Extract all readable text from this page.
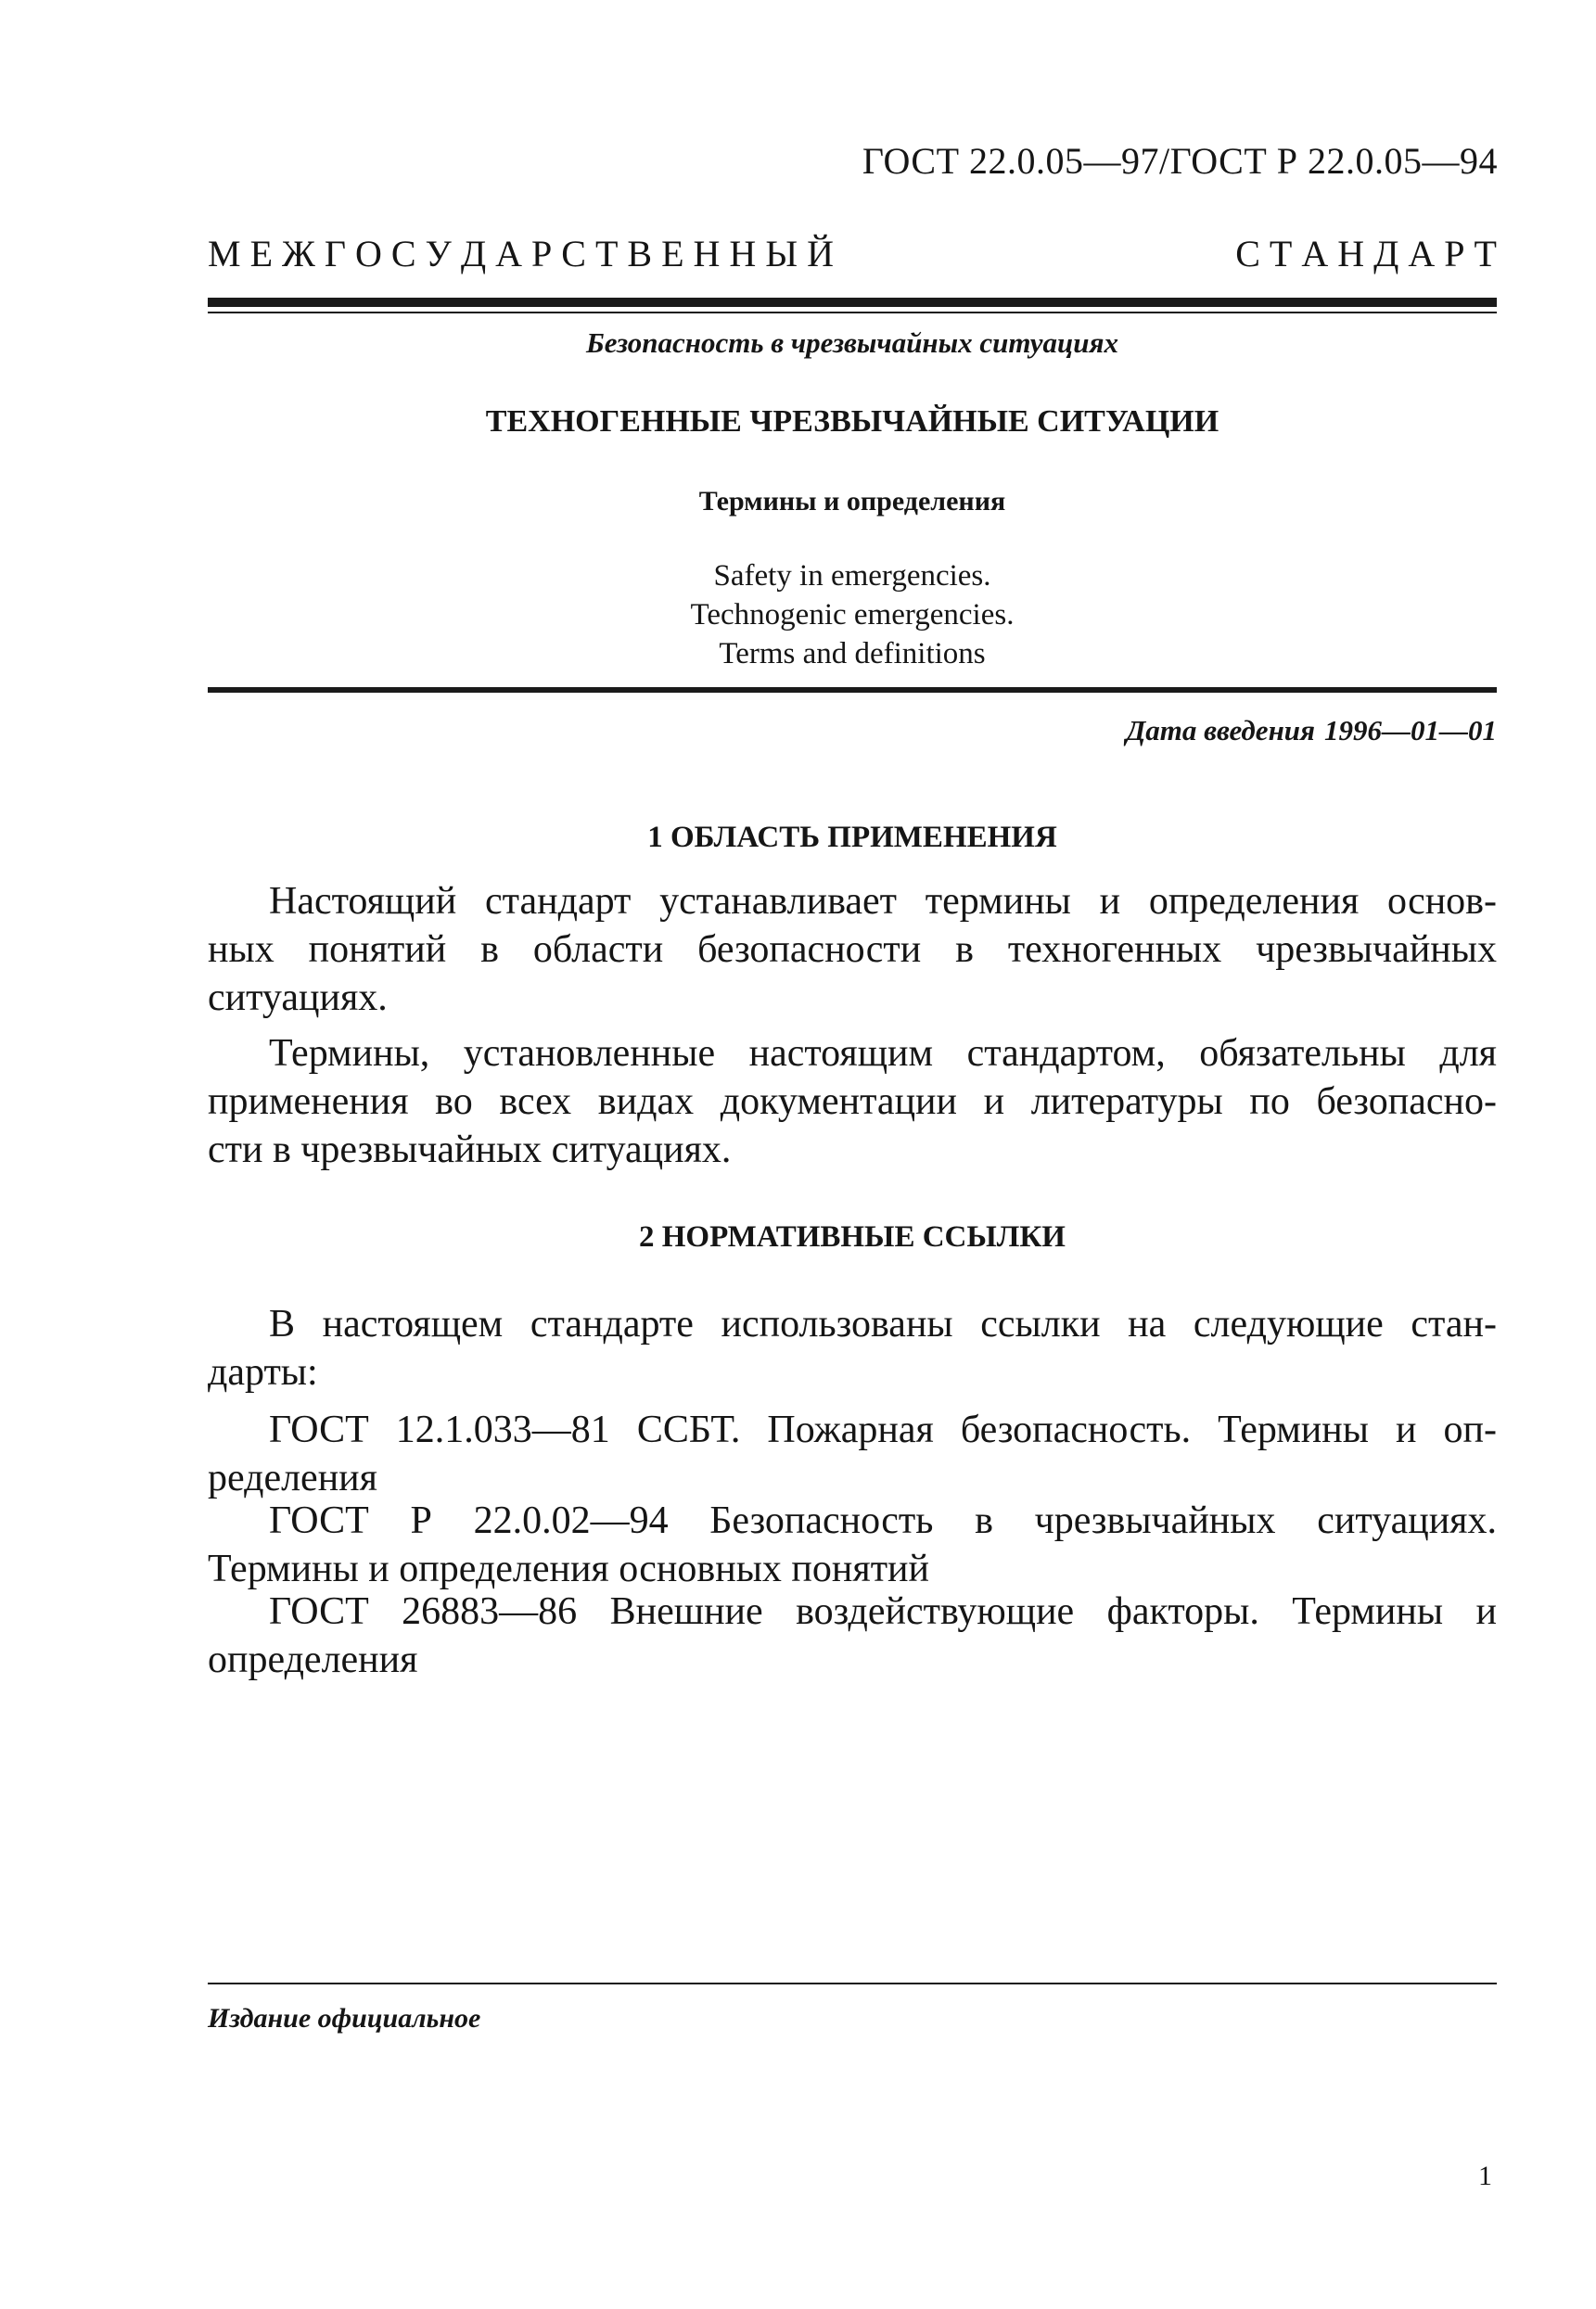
ГОСТ 22.0.05—97/ГОСТ Р 22.0.05—94
М Е Ж Г О С У Д А Р С Т В Е Н Н Ы Й	С Т А Н Д А Р Т
Безопасность в чрезвычайных ситуациях
ТЕХНОГЕННЫЕ ЧРЕЗВЫЧАЙНЫЕ СИТУАЦИИ
Термины и определения
Safety in emergencies.
Technogenic emergencies.
Terms and definitions
Дата введения 1996—01—01
1 ОБЛАСТЬ ПРИМЕНЕНИЯ
Настоящий стандарт устанавливает термины и определения основ-
ных понятий в области безопасности в техногенных чрезвычайных
ситуациях.
Термины, установленные настоящим стандартом, обязательны для
применения во всех видах документации и литературы по безопасно-
сти в чрезвычайных ситуациях.
2 НОРМАТИВНЫЕ ССЫЛКИ
В настоящем стандарте использованы ссылки на следующие стан-
дарты:
ГОСТ 12.1.033—81 ССБТ. Пожарная безопасность. Термины и оп-
ределения
ГОСТ Р 22.0.02—94 Безопасность в чрезвычайных ситуациях.
Термины и определения основных понятий
ГОСТ 26883—86 Внешние воздействующие факторы. Термины и
определения
Издание официальное
1
